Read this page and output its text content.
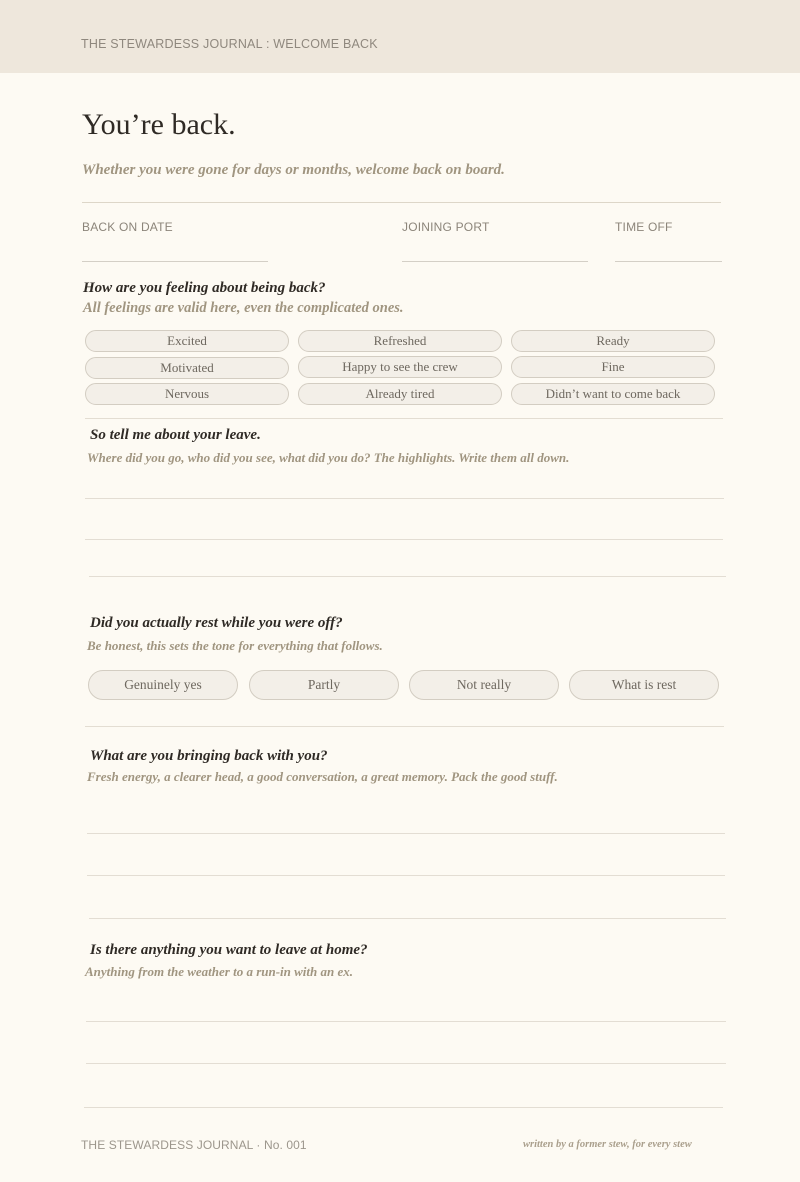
THE STEWARDESS JOURNAL : WELCOME BACK
You’re back.
Whether you were gone for days or months, welcome back on board.
BACK ON DATE	JOINING PORT	TIME OFF
How are you feeling about being back?
All feelings are valid here, even the complicated ones.
Excited	Refreshed	Ready
Motivated	Happy to see the crew	Fine
Nervous	Already tired	Didn’t want to come back
So tell me about your leave.
Where did you go, who did you see, what did you do? The highlights. Write them all down.
Did you actually rest while you were off?
Be honest, this sets the tone for everything that follows.
Genuinely yes	Partly	Not really	What is rest
What are you bringing back with you?
Fresh energy, a clearer head, a good conversation, a great memory. Pack the good stuff.
Is there anything you want to leave at home?
Anything from the weather to a run-in with an ex.
THE STEWARDESS JOURNAL · No. 001	written by a former stew, for every stew
